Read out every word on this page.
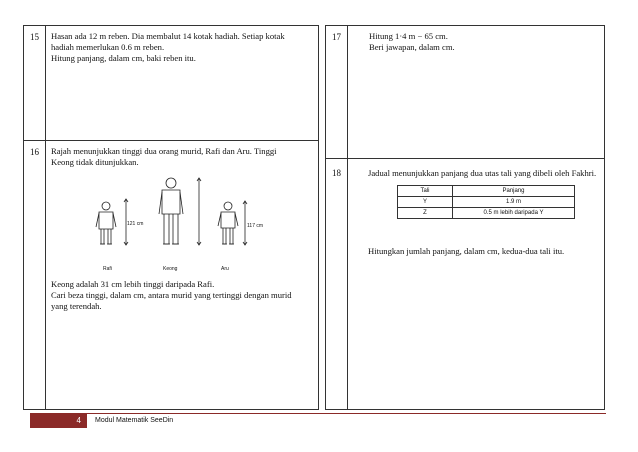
15 Hasan ada 12 m reben. Dia membalut 14 kotak hadiah. Setiap kotak

hadiah memerlukan 0.6 m reben.

Hitung panjang, dalam cm, baki reben itu.

16 Rajah menunjukkan tinggi dua orang murid, Rafi dan Aru. Tinggi

Keong tidak ditunjukkan.

121 cm	117 cm
Rafi	Keong	Aru

Keong adalah 31 cm lebih tinggi daripada Rafi.

Cari beza tinggi, dalam cm, antara murid yang tertinggi dengan murid

yang terendah.

17	Hitung 1·4 m − 65 cm.

Beri jawapan, dalam cm.

18	Jadual menunjukkan panjang dua utas tali yang dibeli oleh Fakhri.
Tali	Panjang
Y	1.9 m
Z	0.5 m lebih daripada Y
Hitungkan jumlah panjang, dalam cm, kedua-dua tali itu.
4	Modul Matematik SeeDin
